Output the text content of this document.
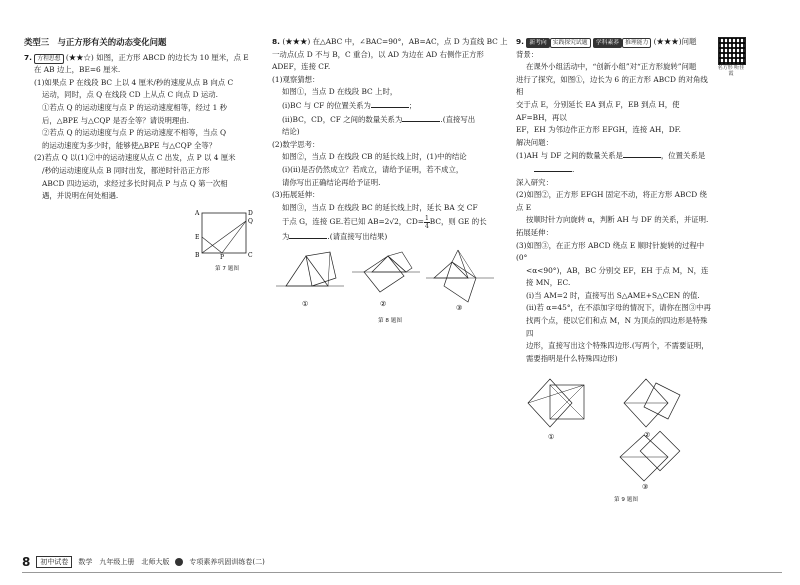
类型三　与正方形有关的动态变化问题

7. 方程思想 (★★☆) 如图，正方形 ABCD 的边长为 10 厘米，点 E

在 AB 边上，BE=6 厘米.

(1)如果点 P 在线段 BC 上以 4 厘米/秒的速度从点 B 向点 C

运动，同时，点 Q 在线段 CD 上从点 C 向点 D 运动.

①若点 Q 的运动速度与点 P 的运动速度相等，经过 1 秒

后，△BPE 与△CQP 是否全等？请说明理由.

②若点 Q 的运动速度与点 P 的运动速度不相等，当点 Q

的运动速度为多少时，能够使△BPE 与△CQP 全等？

(2)若点 Q 以(1)②中的运动速度从点 C 出发，点 P 以 4 厘米

/秒的运动速度从点 B 同时出发，都逆时针沿正方形

ABCD 四边运动，求经过多长时间点 P 与点 Q 第一次相

遇，并说明在何处相遇.

A	D
E
Q
B	P	C

第 7 题图

8. (★★★) 在△ABC 中，∠BAC=90°，AB=AC，点 D 为直线 BC 上

一动点(点 D 不与 B，C 重合)，以 AD 为边在 AD 右侧作正方形

ADEF，连接 CF.

(1)观察猜想：

如图①，当点 D 在线段 BC 上时，

(i)BC 与 CF 的位置关系为	；

(ii)BC，CD，CF 之间的数量关系为	.(直接写出

结论)

(2)数学思考：

如图②，当点 D 在线段 CB 的延长线上时，(1)中的结论

(i)(ii)是否仍然成立？若成立，请给予证明，若不成立，

请你写出正确结论再给予证明.

(3)拓展延伸：

如图③，当点 D 在线段 BC 的延长线上时，延长 BA 交 CF

于点 G，连接 GE.若已知 AB=2√2，$CD= \frac{1}{4}$ BC，则 GE 的长

为	.(请直接写出结果)

①	②	③

第 8 题图

9. 新考向 实践探究试题 学科素养 推理能力 (★★★)问题

背景：

在课外小组活动中，“创新小组”对“正方形旋转”问题

进行了探究，如图①，边长为 6 的正方形 ABCD 的对角线相

交于点 E，分别延长 EA 到点 F，EB 到点 H，使 AF=BH，再以

EF，EH 为邻边作正方形 EFGH，连接 AH，DF.

解决问题：

(1)AH 与 DF 之间的数量关系是	，位置关系是

.

深入研究：

(2)如图②，正方形 EFGH 固定不动，将正方形 ABCD 绕点 E

按顺时针方向旋转 α，判断 AH 与 DF 的关系，并证明.

拓展延伸：

(3)如图③，在正方形 ABCD 绕点 E 顺时针旋转的过程中(0°

<α<90°)，AB，BC 分别交 EF，EH 于点 M，N，连接 MN，EC.

(i)当 AM=2 时，直接写出 S△AME+S△CEN 的值.

(ii)若 α=45°，在不添加字母的情况下，请你在图③中再

找两个点，使以它们和点 M，N 为顶点的四边形是特殊四

边形，直接写出这个特殊四边形.(写两个，不需要证明，

需要指明是什么特殊四边形)

①	②
③

第 9 题图

名方形 听佳霞
8	初中试卷	数学　九年级上册　北师大版	专项素养巩固训练卷(二)
